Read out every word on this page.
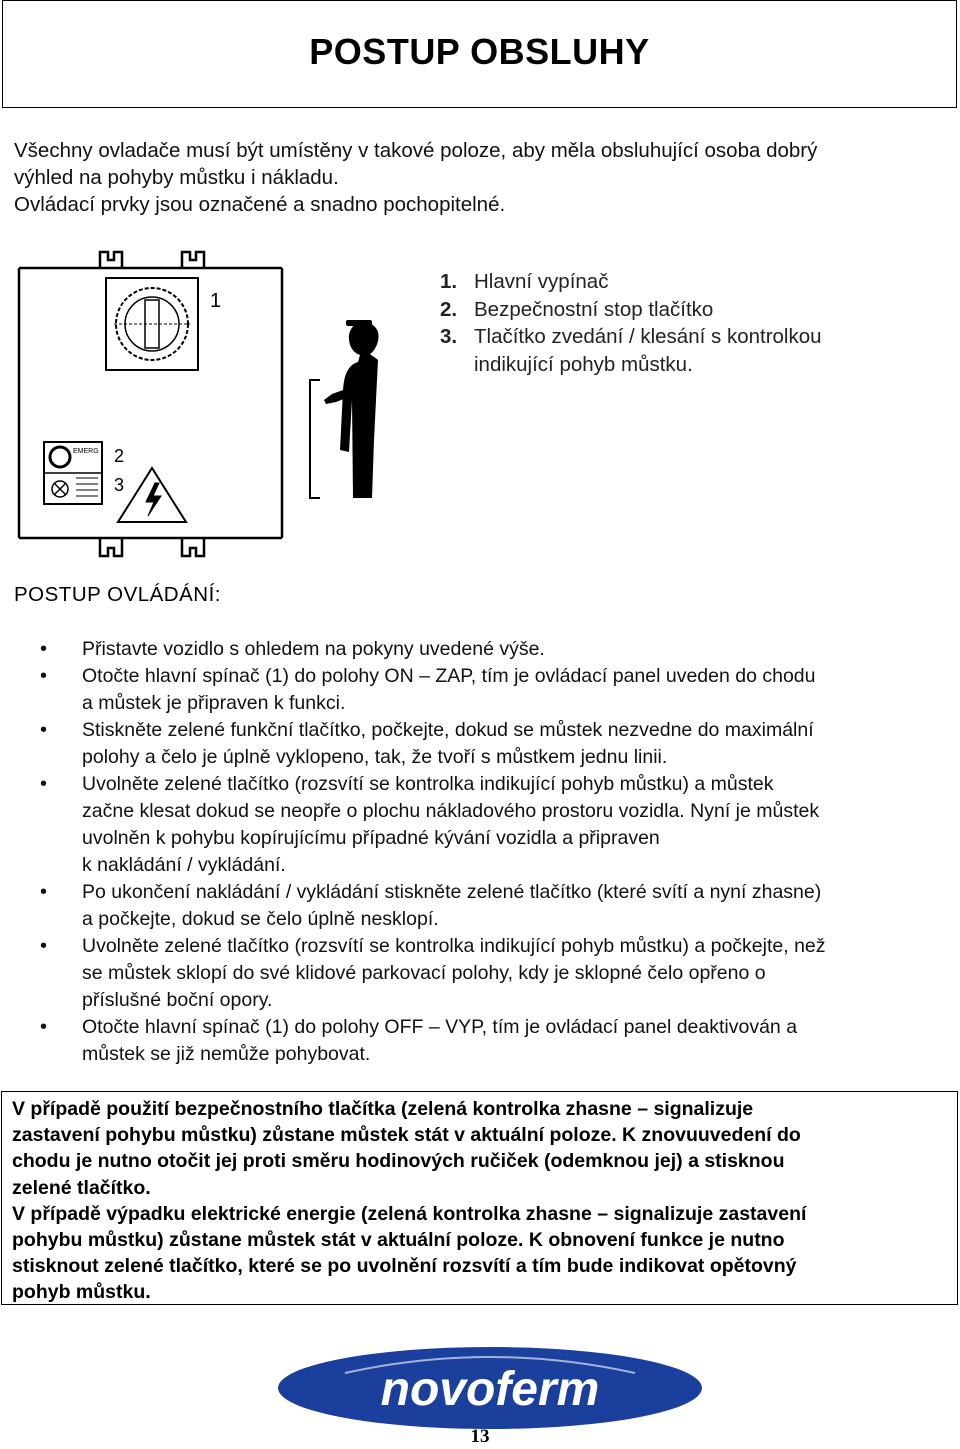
POSTUP OBSLUHY
Všechny ovladače musí být umístěny v takové poloze, aby měla obsluhující osoba dobrý
výhled na pohyby můstku i nákladu.
Ovládací prvky jsou označené a snadno pochopitelné.
1
2
3
EMERG
1. Hlavní vypínač
2. Bezpečnostní stop tlačítko
3. Tlačítko zvedání / klesání s kontrolkou
indikující pohyb můstku.
POSTUP OVLÁDÁNÍ:
• Přistavte vozidlo s ohledem na pokyny uvedené výše.
• Otočte hlavní spínač (1) do polohy ON – ZAP, tím je ovládací panel uveden do chodu
a můstek je připraven k funkci.
• Stiskněte zelené funkční tlačítko, počkejte, dokud se můstek nezvedne do maximální
polohy a čelo je úplně vyklopeno, tak, že tvoří s můstkem jednu linii.
• Uvolněte zelené tlačítko (rozsvítí se kontrolka indikující pohyb můstku) a můstek
začne klesat dokud se neopře o plochu nákladového prostoru vozidla. Nyní je můstek
uvolněn k pohybu kopírujícímu případné kývání vozidla a připraven
k nakládání / vykládání.
• Po ukončení nakládání / vykládání stiskněte zelené tlačítko (které svítí a nyní zhasne)
a počkejte, dokud se čelo úplně nesklopí.
• Uvolněte zelené tlačítko (rozsvítí se kontrolka indikující pohyb můstku) a počkejte, než
se můstek sklopí do své klidové parkovací polohy, kdy je sklopné čelo opřeno o
příslušné boční opory.
• Otočte hlavní spínač (1) do polohy OFF – VYP, tím je ovládací panel deaktivován a
můstek se již nemůže pohybovat.

V případě použití bezpečnostního tlačítka (zelená kontrolka zhasne – signalizuje
zastavení pohybu můstku) zůstane můstek stát v aktuální poloze. K znovuuvedení do
chodu je nutno otočit jej proti směru hodinových ručiček (odemknou jej) a stisknou
zelené tlačítko.

V případě výpadku elektrické energie (zelená kontrolka zhasne – signalizuje zastavení
pohybu můstku) zůstane můstek stát v aktuální poloze. K obnovení funkce je nutno
stisknout zelené tlačítko, které se po uvolnění rozsvítí a tím bude indikovat opětovný
pohyb můstku.

novoferm
13
